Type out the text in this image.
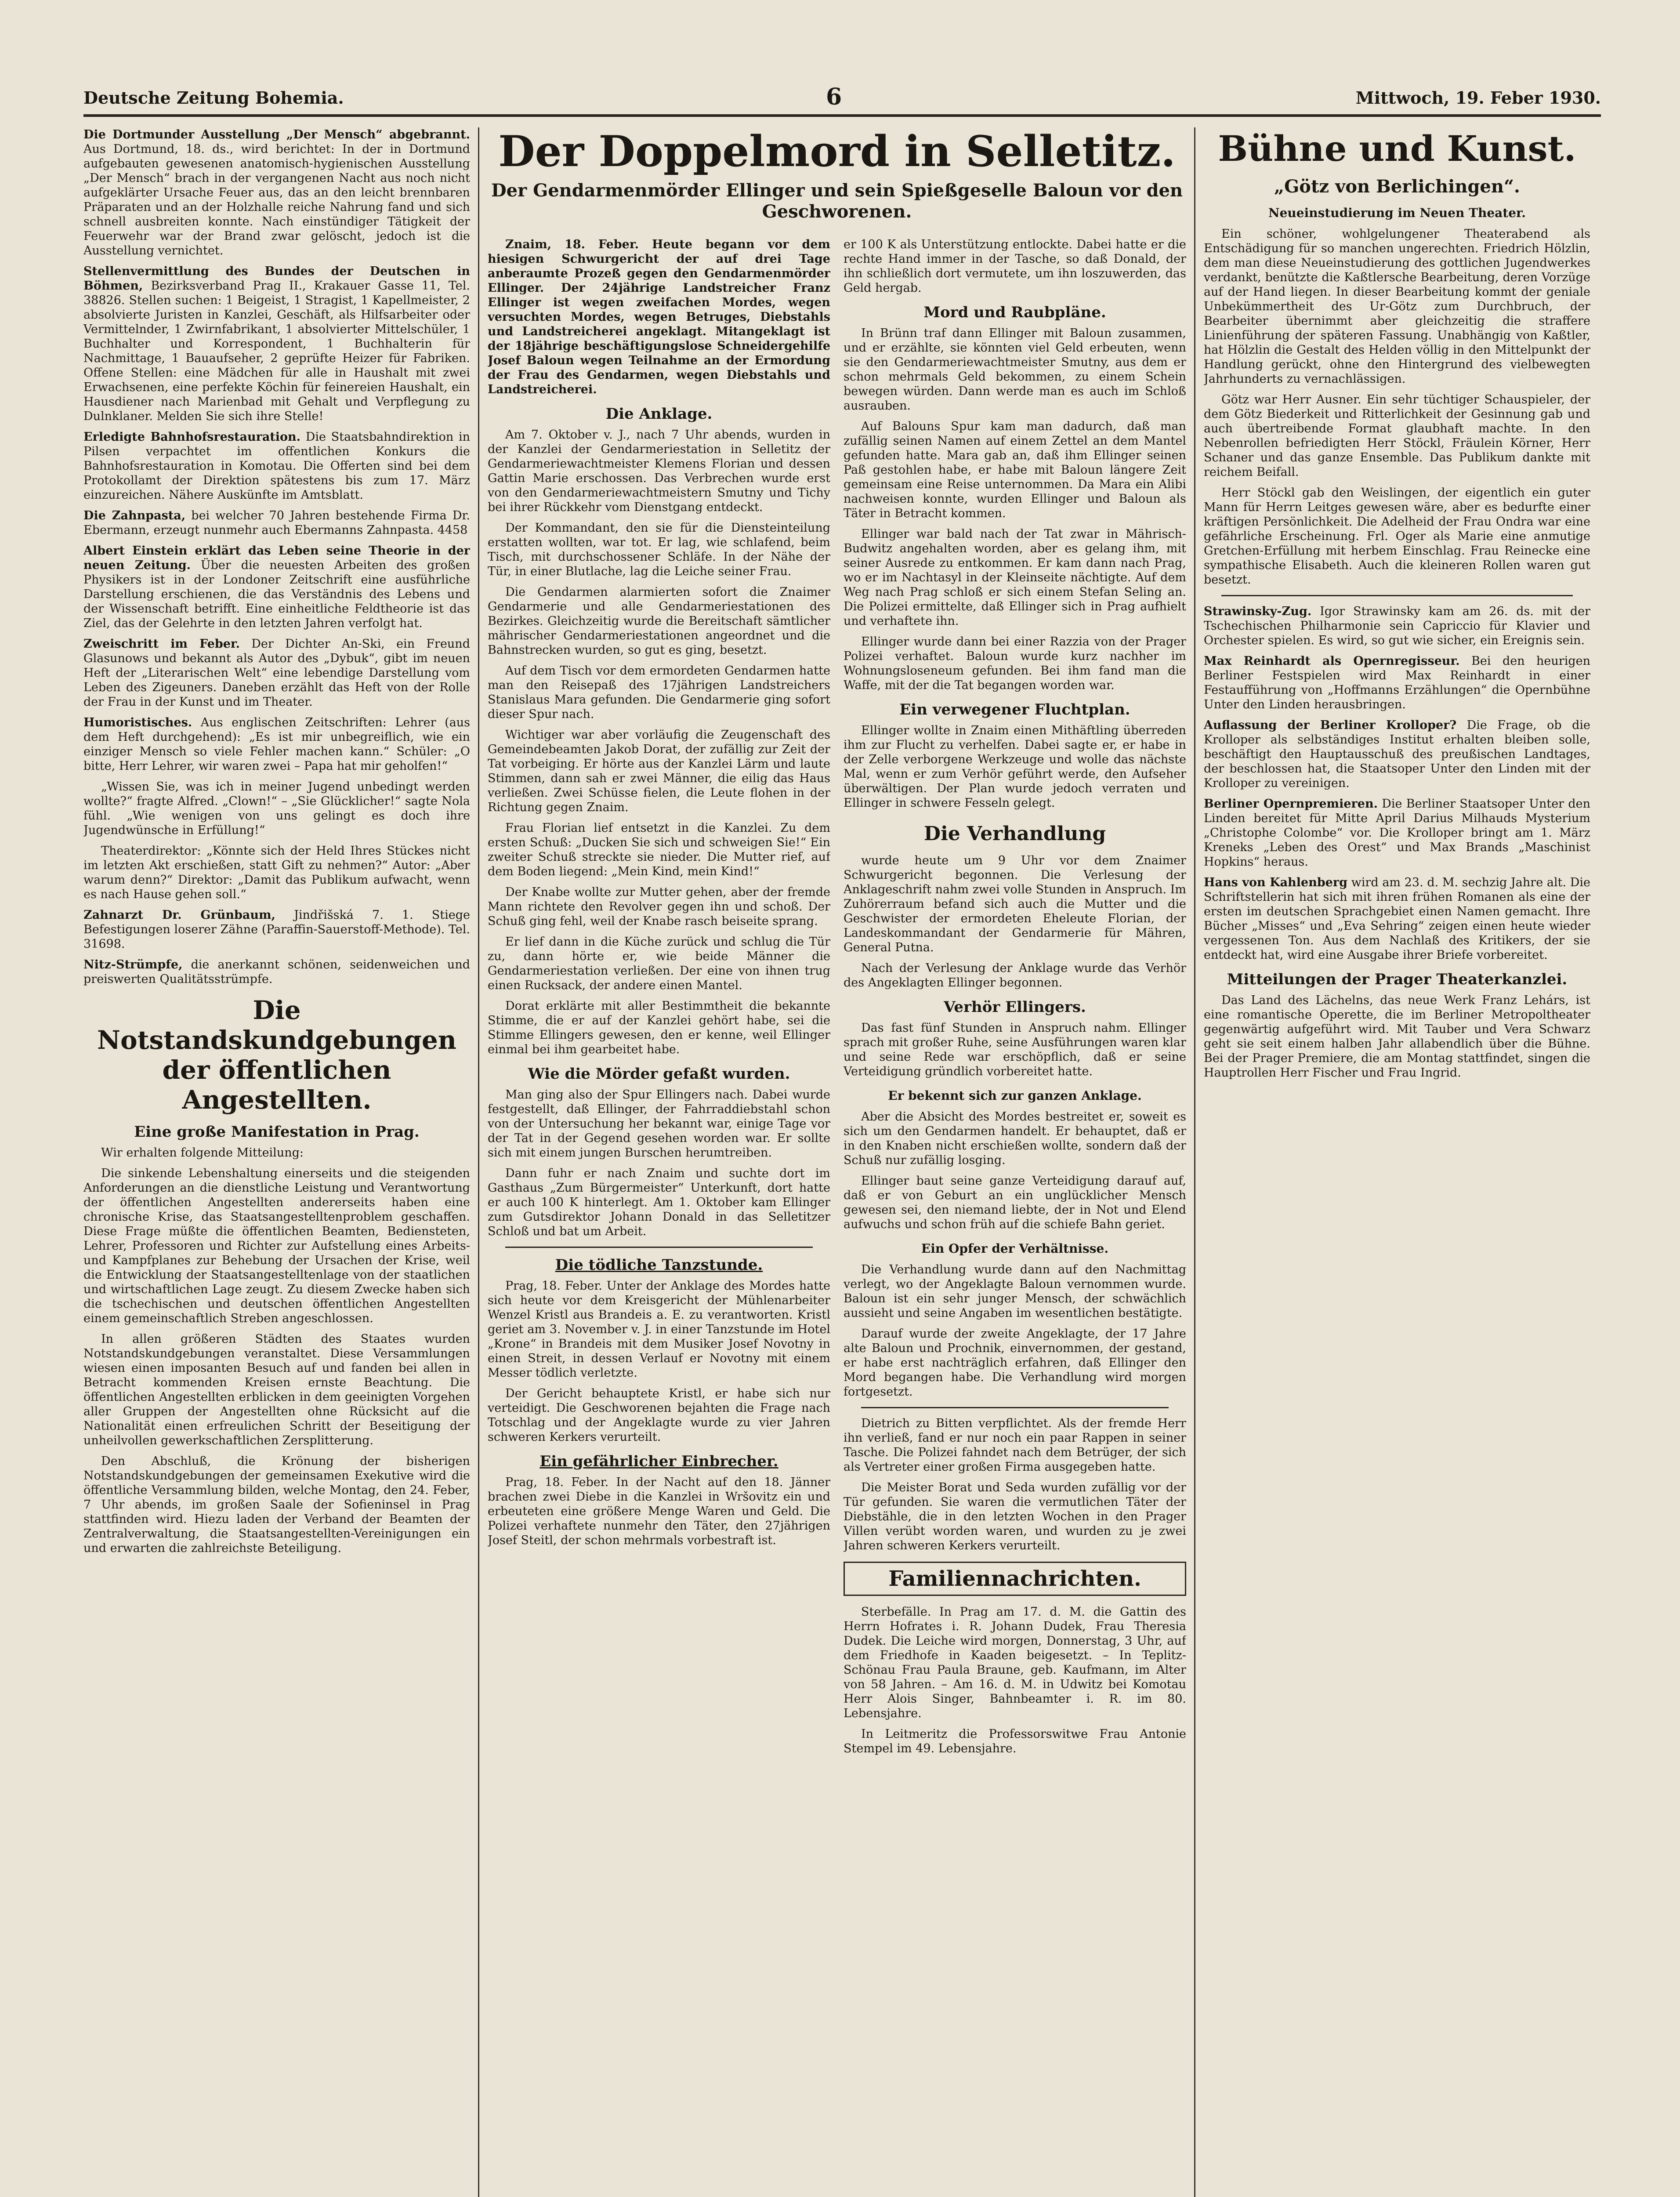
Deutsche Zeitung Bohemia.	6	Mittwoch, 19. Feber 1930.

Die Dortmunder Ausstellung „Der Mensch“ abgebrannt. Aus Dortmund, 18. ds., wird berichtet: In der in Dortmund aufgebauten gewesenen anatomisch-hygienischen Ausstellung „Der Mensch“ brach in der vergangenen Nacht aus noch nicht aufgeklärter Ursache Feuer aus, das an den leicht brennbaren Präparaten und an der Holzhalle reiche Nahrung fand und sich schnell ausbreiten konnte. Nach einstündiger Tätigkeit der Feuerwehr war der Brand zwar gelöscht, jedoch ist die Ausstellung vernichtet.

Stellenvermittlung des Bundes der Deutschen in Böhmen, Bezirksverband Prag II., Krakauer Gasse 11, Tel. 38826. Stellen suchen: 1 Beigeist, 1 Stragist, 1 Kapellmeister, 2 absolvierte Juristen in Kanzlei, Geschäft, als Hilfsarbeiter oder Vermittelnder, 1 Zwirnfabrikant, 1 absolvierter Mittelschüler, 1 Buchhalter und Korrespondent, 1 Buchhalterin für Nachmittage, 1 Bauaufseher, 2 geprüfte Heizer für Fabriken. Offene Stellen: eine Mädchen für alle in Haushalt mit zwei Erwachsenen, eine perfekte Köchin für feinereien Haushalt, ein Hausdiener nach Marienbad mit Gehalt und Verpflegung zu Dulnklaner. Melden Sie sich ihre Stelle!

Erledigte Bahnhofsrestauration. Die Staatsbahndirektion in Pilsen verpachtet im offentlichen Konkurs die Bahnhofsrestauration in Komotau. Die Offerten sind bei dem Protokollamt der Direktion spätestens bis zum 17. März einzureichen. Nähere Auskünfte im Amtsblatt.

Die Zahnpasta, bei welcher 70 Jahren bestehende Firma Dr. Ebermann, erzeugt nunmehr auch Ebermanns Zahnpasta. 4458

Albert Einstein erklärt das Leben seine Theorie in der neuen Zeitung. Über die neuesten Arbeiten des großen Physikers ist in der Londoner Zeitschrift eine ausführliche Darstellung erschienen, die das Verständnis des Lebens und der Wissenschaft betrifft. Eine einheitliche Feldtheorie ist das Ziel, das der Gelehrte in den letzten Jahren verfolgt hat.

Zweischritt im Feber. Der Dichter An-Ski, ein Freund Glasunows und bekannt als Autor des „Dybuk“, gibt im neuen Heft der „Literarischen Welt“ eine lebendige Darstellung vom Leben des Zigeuners. Daneben erzählt das Heft von der Rolle der Frau in der Kunst und im Theater.

Humoristisches. Aus englischen Zeitschriften: Lehrer (aus dem Heft durchgehend): „Es ist mir unbegreiflich, wie ein einziger Mensch so viele Fehler machen kann.“ Schüler: „O bitte, Herr Lehrer, wir waren zwei – Papa hat mir geholfen!“

„Wissen Sie, was ich in meiner Jugend unbedingt werden wollte?“ fragte Alfred. „Clown!“ – „Sie Glücklicher!“ sagte Nola fühl. „Wie wenigen von uns gelingt es doch ihre Jugendwünsche in Erfüllung!“

Theaterdirektor: „Könnte sich der Held Ihres Stückes nicht im letzten Akt erschießen, statt Gift zu nehmen?“ Autor: „Aber warum denn?“ Direktor: „Damit das Publikum aufwacht, wenn es nach Hause gehen soll.“

Zahnarzt Dr. Grünbaum, Jindřišská 7. 1. Stiege Befestigungen loserer Zähne (Paraffin-Sauerstoff-Methode). Tel. 31698.

Nitz-Strümpfe, die anerkannt schönen, seidenweichen und preiswerten Qualitätsstrümpfe.

Die Notstandskundgebungen der öffentlichen Angestellten.
Eine große Manifestation in Prag.

Wir erhalten folgende Mitteilung:

Die sinkende Lebenshaltung einerseits und die steigenden Anforderungen an die dienstliche Leistung und Verantwortung der öffentlichen Angestellten andererseits haben eine chronische Krise, das Staatsangestelltenproblem geschaffen. Diese Frage müßte die öffentlichen Beamten, Bediensteten, Lehrer, Professoren und Richter zur Aufstellung eines Arbeits- und Kampfplanes zur Behebung der Ursachen der Krise, weil die Entwicklung der Staatsangestelltenlage von der staatlichen und wirtschaftlichen Lage zeugt. Zu diesem Zwecke haben sich die tschechischen und deutschen öffentlichen Angestellten einem gemeinschaftlich Streben angeschlossen.

In allen größeren Städten des Staates wurden Notstandskundgebungen veranstaltet. Diese Versammlungen wiesen einen imposanten Besuch auf und fanden bei allen in Betracht kommenden Kreisen ernste Beachtung. Die öffentlichen Angestellten erblicken in dem geeinigten Vorgehen aller Gruppen der Angestellten ohne Rücksicht auf die Nationalität einen erfreulichen Schritt der Beseitigung der unheilvollen gewerkschaftlichen Zersplitterung.

Den Abschluß, die Krönung der bisherigen Notstandskundgebungen der gemeinsamen Exekutive wird die öffentliche Versammlung bilden, welche Montag, den 24. Feber, 7 Uhr abends, im großen Saale der Sofieninsel in Prag stattfinden wird. Hiezu laden der Verband der Beamten der Zentralverwaltung, die Staatsangestellten-Vereinigungen ein und erwarten die zahlreichste Beteiligung.

Der Doppelmord in Selletitz.
Der Gendarmenmörder Ellinger und sein Spießgeselle Baloun vor den Geschworenen.

Znaim, 18. Feber. Heute begann vor dem hiesigen Schwurgericht der auf drei Tage anberaumte Prozeß gegen den Gendarmenmörder Ellinger. Der 24jährige Landstreicher Franz Ellinger ist wegen zweifachen Mordes, wegen versuchten Mordes, wegen Betruges, Diebstahls und Landstreicherei angeklagt. Mitangeklagt ist der 18jährige beschäftigungslose Schneidergehilfe Josef Baloun wegen Teilnahme an der Ermordung der Frau des Gendarmen, wegen Diebstahls und Landstreicherei.

Die Anklage.

Am 7. Oktober v. J., nach 7 Uhr abends, wurden in der Kanzlei der Gendarmeriestation in Selletitz der Gendarmeriewachtmeister Klemens Florian und dessen Gattin Marie erschossen. Das Verbrechen wurde erst von den Gendarmeriewachtmeistern Smutny und Tichy bei ihrer Rückkehr vom Dienstgang entdeckt.

Der Kommandant, den sie für die Diensteinteilung erstatten wollten, war tot. Er lag, wie schlafend, beim Tisch, mit durchschossener Schläfe. In der Nähe der Tür, in einer Blutlache, lag die Leiche seiner Frau.

Die Gendarmen alarmierten sofort die Znaimer Gendarmerie und alle Gendarmeriestationen des Bezirkes. Gleichzeitig wurde die Bereitschaft sämtlicher mährischer Gendarmeriestationen angeordnet und die Bahnstrecken wurden, so gut es ging, besetzt.

Auf dem Tisch vor dem ermordeten Gendarmen hatte man den Reisepaß des 17jährigen Landstreichers Stanislaus Mara gefunden. Die Gendarmerie ging sofort dieser Spur nach.

Wichtiger war aber vorläufig die Zeugenschaft des Gemeindebeamten Jakob Dorat, der zufällig zur Zeit der Tat vorbeiging. Er hörte aus der Kanzlei Lärm und laute Stimmen, dann sah er zwei Männer, die eilig das Haus verließen. Zwei Schüsse fielen, die Leute flohen in der Richtung gegen Znaim.

Frau Florian lief entsetzt in die Kanzlei. Zu dem ersten Schuß: „Ducken Sie sich und schweigen Sie!“ Ein zweiter Schuß streckte sie nieder. Die Mutter rief, auf dem Boden liegend: „Mein Kind, mein Kind!“

Der Knabe wollte zur Mutter gehen, aber der fremde Mann richtete den Revolver gegen ihn und schoß. Der Schuß ging fehl, weil der Knabe rasch beiseite sprang.

Er lief dann in die Küche zurück und schlug die Tür zu, dann hörte er, wie beide Männer die Gendarmeriestation verließen. Der eine von ihnen trug einen Rucksack, der andere einen Mantel.

Dorat erklärte mit aller Bestimmtheit die bekannte Stimme, die er auf der Kanzlei gehört habe, sei die Stimme Ellingers gewesen, den er kenne, weil Ellinger einmal bei ihm gearbeitet habe.

Wie die Mörder gefaßt wurden.

Man ging also der Spur Ellingers nach. Dabei wurde festgestellt, daß Ellinger, der Fahrraddiebstahl schon von der Untersuchung her bekannt war, einige Tage vor der Tat in der Gegend gesehen worden war. Er sollte sich mit einem jungen Burschen herumtreiben.

Dann fuhr er nach Znaim und suchte dort im Gasthaus „Zum Bürgermeister“ Unterkunft, dort hatte er auch 100 K hinterlegt. Am 1. Oktober kam Ellinger zum Gutsdirektor Johann Donald in das Selletitzer Schloß und bat um Arbeit.

Die tödliche Tanzstunde.

Prag, 18. Feber. Unter der Anklage des Mordes hatte sich heute vor dem Kreisgericht der Mühlenarbeiter Wenzel Kristl aus Brandeis a. E. zu verantworten. Kristl geriet am 3. November v. J. in einer Tanzstunde im Hotel „Krone“ in Brandeis mit dem Musiker Josef Novotny in einen Streit, in dessen Verlauf er Novotny mit einem Messer tödlich verletzte.

Der Gericht behauptete Kristl, er habe sich nur verteidigt. Die Geschworenen bejahten die Frage nach Totschlag und der Angeklagte wurde zu vier Jahren schweren Kerkers verurteilt.

Ein gefährlicher Einbrecher.

Prag, 18. Feber. In der Nacht auf den 18. Jänner brachen zwei Diebe in die Kanzlei in Wršovitz ein und erbeuteten eine größere Menge Waren und Geld. Die Polizei verhaftete nunmehr den Täter, den 27jährigen Josef Steitl, der schon mehrmals vorbestraft ist.

er 100 K als Unterstützung entlockte. Dabei hatte er die rechte Hand immer in der Tasche, so daß Donald, der ihn schließlich dort vermutete, um ihn loszuwerden, das Geld hergab.

Mord und Raubpläne.

In Brünn traf dann Ellinger mit Baloun zusammen, und er erzählte, sie könnten viel Geld erbeuten, wenn sie den Gendarmeriewachtmeister Smutny, aus dem er schon mehrmals Geld bekommen, zu einem Schein bewegen würden. Dann werde man es auch im Schloß ausrauben.

Auf Balouns Spur kam man dadurch, daß man zufällig seinen Namen auf einem Zettel an dem Mantel gefunden hatte. Mara gab an, daß ihm Ellinger seinen Paß gestohlen habe, er habe mit Baloun längere Zeit gemeinsam eine Reise unternommen. Da Mara ein Alibi nachweisen konnte, wurden Ellinger und Baloun als Täter in Betracht kommen.

Ellinger war bald nach der Tat zwar in Mährisch-Budwitz angehalten worden, aber es gelang ihm, mit seiner Ausrede zu entkommen. Er kam dann nach Prag, wo er im Nachtasyl in der Kleinseite nächtigte. Auf dem Weg nach Prag schloß er sich einem Stefan Seling an. Die Polizei ermittelte, daß Ellinger sich in Prag aufhielt und verhaftete ihn.

Ellinger wurde dann bei einer Razzia von der Prager Polizei verhaftet. Baloun wurde kurz nachher im Wohnungsloseneum gefunden. Bei ihm fand man die Waffe, mit der die Tat begangen worden war.

Ein verwegener Fluchtplan.

Ellinger wollte in Znaim einen Mithäftling überreden ihm zur Flucht zu verhelfen. Dabei sagte er, er habe in der Zelle verborgene Werkzeuge und wolle das nächste Mal, wenn er zum Verhör geführt werde, den Aufseher überwältigen. Der Plan wurde jedoch verraten und Ellinger in schwere Fesseln gelegt.

Die Verhandlung

wurde heute um 9 Uhr vor dem Znaimer Schwurgericht begonnen. Die Verlesung der Anklageschrift nahm zwei volle Stunden in Anspruch. Im Zuhörerraum befand sich auch die Mutter und die Geschwister der ermordeten Eheleute Florian, der Landeskommandant der Gendarmerie für Mähren, General Putna.

Nach der Verlesung der Anklage wurde das Verhör des Angeklagten Ellinger begonnen.

Verhör Ellingers.

Das fast fünf Stunden in Anspruch nahm. Ellinger sprach mit großer Ruhe, seine Ausführungen waren klar und seine Rede war erschöpflich, daß er seine Verteidigung gründlich vorbereitet hatte.

Er bekennt sich zur ganzen Anklage.

Aber die Absicht des Mordes bestreitet er, soweit es sich um den Gendarmen handelt. Er behauptet, daß er in den Knaben nicht erschießen wollte, sondern daß der Schuß nur zufällig losging.

Ellinger baut seine ganze Verteidigung darauf auf, daß er von Geburt an ein unglücklicher Mensch gewesen sei, den niemand liebte, der in Not und Elend aufwuchs und schon früh auf die schiefe Bahn geriet.

Ein Opfer der Verhältnisse.

Die Verhandlung wurde dann auf den Nachmittag verlegt, wo der Angeklagte Baloun vernommen wurde. Baloun ist ein sehr junger Mensch, der schwächlich aussieht und seine Angaben im wesentlichen bestätigte.

Darauf wurde der zweite Angeklagte, der 17 Jahre alte Baloun und Prochnik, einvernommen, der gestand, er habe erst nachträglich erfahren, daß Ellinger den Mord begangen habe. Die Verhandlung wird morgen fortgesetzt.

Dietrich zu Bitten verpflichtet. Als der fremde Herr ihn verließ, fand er nur noch ein paar Rappen in seiner Tasche. Die Polizei fahndet nach dem Betrüger, der sich als Vertreter einer großen Firma ausgegeben hatte.

Die Meister Borat und Seda wurden zufällig vor der Tür gefunden. Sie waren die vermutlichen Täter der Diebstähle, die in den letzten Wochen in den Prager Villen verübt worden waren, und wurden zu je zwei Jahren schweren Kerkers verurteilt.

Familiennachrichten.

Sterbefälle. In Prag am 17. d. M. die Gattin des Herrn Hofrates i. R. Johann Dudek, Frau Theresia Dudek. Die Leiche wird morgen, Donnerstag, 3 Uhr, auf dem Friedhofe in Kaaden beigesetzt. – In Teplitz-Schönau Frau Paula Braune, geb. Kaufmann, im Alter von 58 Jahren. – Am 16. d. M. in Udwitz bei Komotau Herr Alois Singer, Bahnbeamter i. R. im 80. Lebensjahre.

In Leitmeritz die Professorswitwe Frau Antonie Stempel im 49. Lebensjahre.

Bühne und Kunst.
„Götz von Berlichingen“.
Neueinstudierung im Neuen Theater.

Ein schöner, wohlgelungener Theaterabend als Entschädigung für so manchen ungerechten. Friedrich Hölzlin, dem man diese Neueinstudierung des gottlichen Jugendwerkes verdankt, benützte die Kaßtlersche Bearbeitung, deren Vorzüge auf der Hand liegen. In dieser Bearbeitung kommt der geniale Unbekümmertheit des Ur-Götz zum Durchbruch, der Bearbeiter übernimmt aber gleichzeitig die straffere Linienführung der späteren Fassung. Unabhängig von Kaßtler, hat Hölzlin die Gestalt des Helden völlig in den Mittelpunkt der Handlung gerückt, ohne den Hintergrund des vielbewegten Jahrhunderts zu vernachlässigen.

Götz war Herr Ausner. Ein sehr tüchtiger Schauspieler, der dem Götz Biederkeit und Ritterlichkeit der Gesinnung gab und auch übertreibende Format glaubhaft machte. In den Nebenrollen befriedigten Herr Stöckl, Fräulein Körner, Herr Schaner und das ganze Ensemble. Das Publikum dankte mit reichem Beifall.

Herr Stöckl gab den Weislingen, der eigentlich ein guter Mann für Herrn Leitges gewesen wäre, aber es bedurfte einer kräftigen Persönlichkeit. Die Adelheid der Frau Ondra war eine gefährliche Erscheinung. Frl. Oger als Marie eine anmutige Gretchen-Erfüllung mit herbem Einschlag. Frau Reinecke eine sympathische Elisabeth. Auch die kleineren Rollen waren gut besetzt.

Strawinsky-Zug. Igor Strawinsky kam am 26. ds. mit der Tschechischen Philharmonie sein Capriccio für Klavier und Orchester spielen. Es wird, so gut wie sicher, ein Ereignis sein.

Max Reinhardt als Opernregisseur. Bei den heurigen Berliner Festspielen wird Max Reinhardt in einer Festaufführung von „Hoffmanns Erzählungen“ die Opernbühne Unter den Linden herausbringen.

Auflassung der Berliner Krolloper? Die Frage, ob die Krolloper als selbständiges Institut erhalten bleiben solle, beschäftigt den Hauptausschuß des preußischen Landtages, der beschlossen hat, die Staatsoper Unter den Linden mit der Krolloper zu vereinigen.

Berliner Opernpremieren. Die Berliner Staatsoper Unter den Linden bereitet für Mitte April Darius Milhauds Mysterium „Christophe Colombe“ vor. Die Krolloper bringt am 1. März Kreneks „Leben des Orest“ und Max Brands „Maschinist Hopkins“ heraus.

Hans von Kahlenberg wird am 23. d. M. sechzig Jahre alt. Die Schriftstellerin hat sich mit ihren frühen Romanen als eine der ersten im deutschen Sprachgebiet einen Namen gemacht. Ihre Bücher „Misses“ und „Eva Sehring“ zeigen einen heute wieder vergessenen Ton. Aus dem Nachlaß des Kritikers, der sie entdeckt hat, wird eine Ausgabe ihrer Briefe vorbereitet.

Mitteilungen der Prager Theaterkanzlei.

Das Land des Lächelns, das neue Werk Franz Lehárs, ist eine romantische Operette, die im Berliner Metropoltheater gegenwärtig aufgeführt wird. Mit Tauber und Vera Schwarz geht sie seit einem halben Jahr allabendlich über die Bühne. Bei der Prager Premiere, die am Montag stattfindet, singen die Hauptrollen Herr Fischer und Frau Ingrid.
